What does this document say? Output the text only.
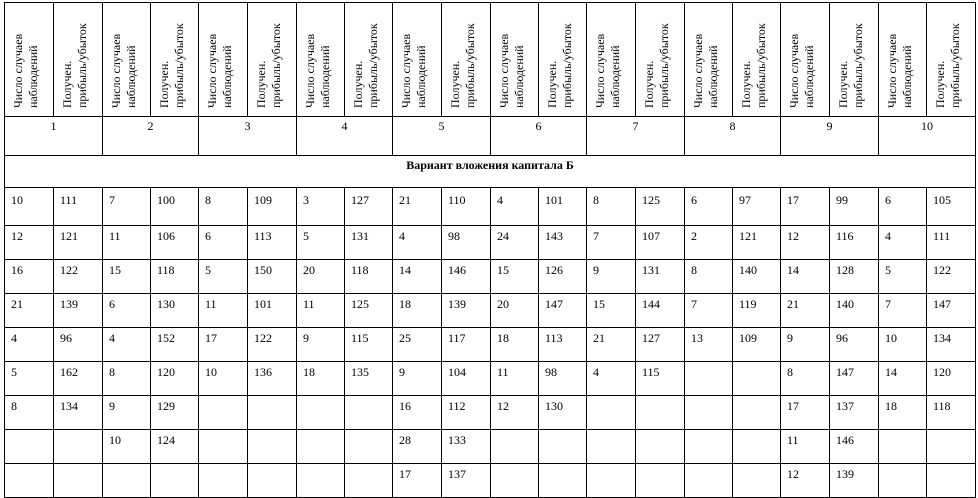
Число случаев
наблюдений	Получен.
прибыль/убыток	Число случаев
наблюдений	Получен.
прибыль/убыток	Число случаев
наблюдений	Получен.
прибыль/убыток	Число случаев
наблюдений	Получен.
прибыль/убыток	Число случаев
наблюдений	Получен.
прибыль/убыток	Число случаев
наблюдений	Получен.
прибыль/убыток	Число случаев
наблюдений	Получен.
прибыль/убыток	Число случаев
наблюдений	Получен.
прибыль/убыток	Число случаев
наблюдений	Получен.
прибыль/убыток	Число случаев
наблюдений	Получен.
прибыль/убыток

1		2		3		4		5		6		7		8		9		10	
Вариант вложения капитала Б																			
10	111	7	100	8	109	3	127	21	110	4	101	8	125	6	97	17	99	6	105
12	121	11	106	6	113	5	131	4	98	24	143	7	107	2	121	12	116	4	111
16	122	15	118	5	150	20	118	14	146	15	126	9	131	8	140	14	128	5	122
21	139	6	130	11	101	11	125	18	139	20	147	15	144	7	119	21	140	7	147
4	96	4	152	17	122	9	115	25	117	18	113	21	127	13	109	9	96	10	134
5	162	8	120	10	136	18	135	9	104	11	98	4	115			8	147	14	120
8	134	9	129					16	112	12	130					17	137	18	118
		10	124					28	133							11	146		
								17	137							12	139		
